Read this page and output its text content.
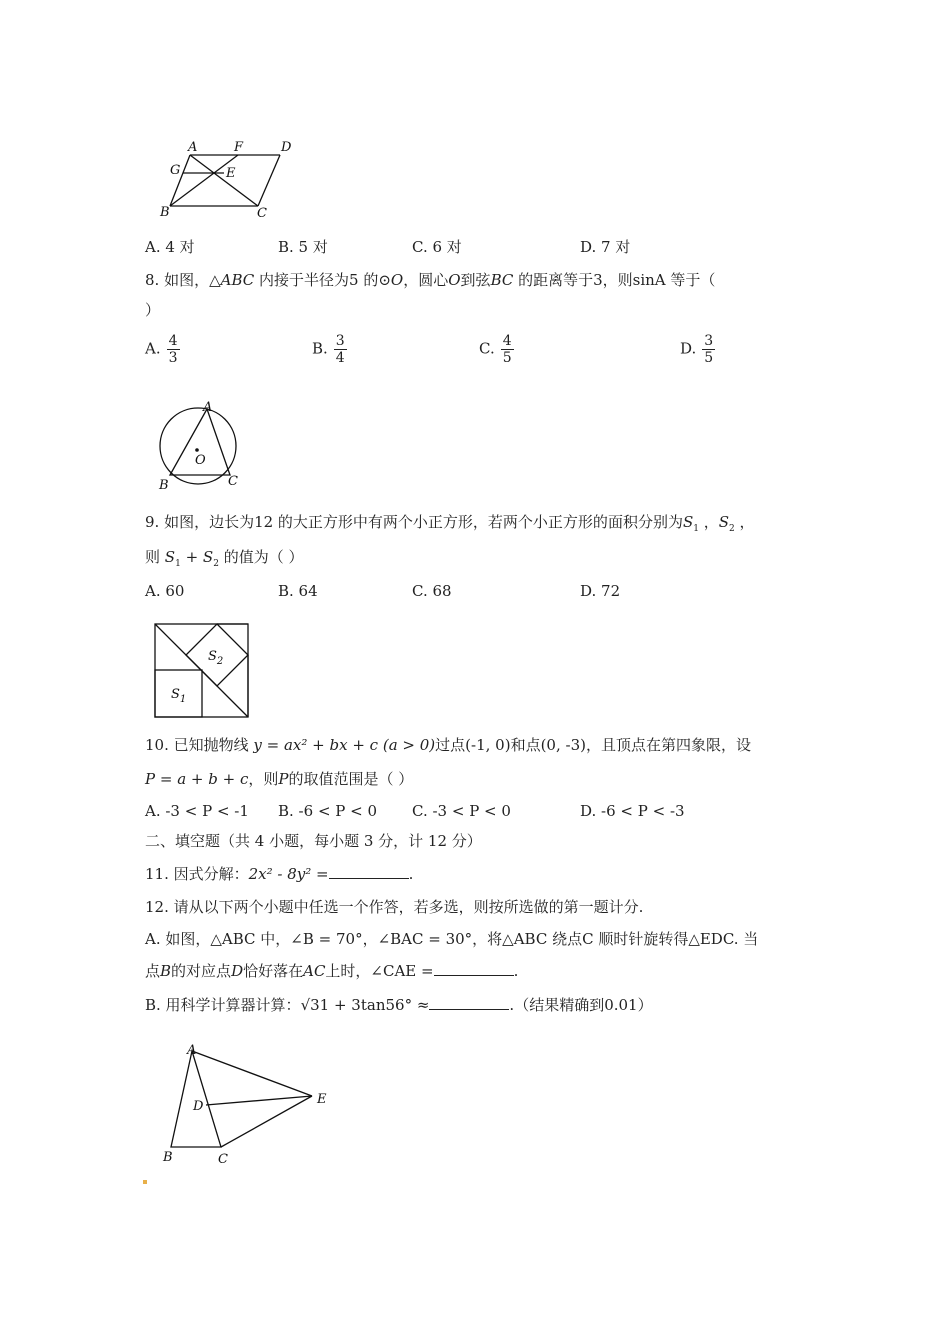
A	F	D
G	E
B	C
A. 4 对	B. 5 对	C. 6 对	D. 7 对
8. 如图，△ABC 内接于半径为5 的⊙O，圆心O到弦BC 的距离等于3，则sinA 等于（
）
A. $\frac{4}{3}$	B. $\frac{3}{4}$	C. $\frac{4}{5}$	D. $\frac{3}{5}$
A
O
B	C
9. 如图，边长为12 的大正方形中有两个小正方形，若两个小正方形的面积分别为$S_1$ ，$S_2$ ，
则 $S_1 + S_2$ 的值为（ ）
A. 60	B. 64	C. 68	D. 72
$S_2$
$S_1$
10. 已知抛物线 y = ax² + bx + c (a > 0)过点(-1, 0)和点(0, -3)，且顶点在第四象限，设
P = a + b + c，则P的取值范围是（ ）
A. -3 < P < -1 B. -6 < P < 0 C. -3 < P < 0	D. -6 < P < -3
二、填空题（共 4 小题，每小题 3 分，计 12 分）
11. 因式分解：2x² - 8y² =	.
12. 请从以下两个小题中任选一个作答，若多选，则按所选做的第一题计分.
A. 如图，△ABC 中，∠B = 70°，∠BAC = 30°，将△ABC 绕点C 顺时针旋转得△EDC. 当
点B的对应点D恰好落在AC上时，∠CAE =	.
B. 用科学计算器计算：√31 + 3tan56° ≈	.（结果精确到0.01）
A
D	E
B	C
